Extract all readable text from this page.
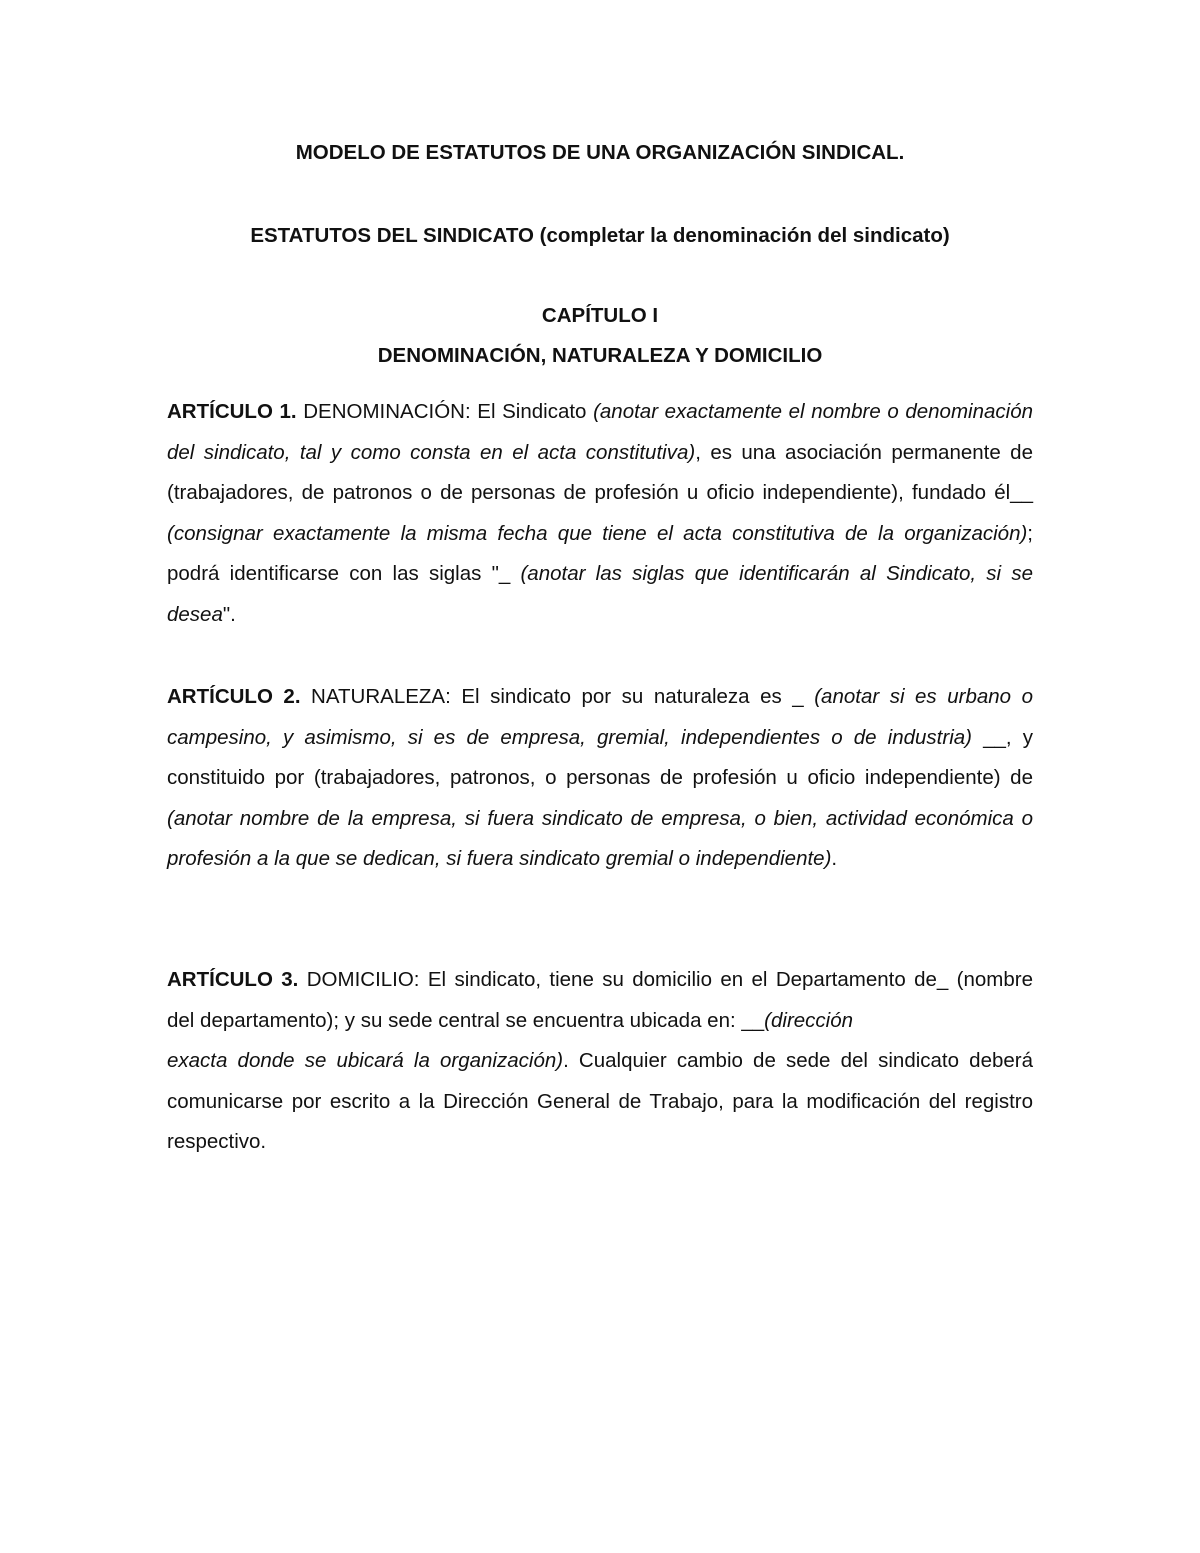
MODELO DE ESTATUTOS DE UNA ORGANIZACIÓN SINDICAL.

ESTATUTOS DEL SINDICATO (completar la denominación del sindicato)

CAPÍTULO I

DENOMINACIÓN, NATURALEZA Y DOMICILIO

ARTÍCULO 1. DENOMINACIÓN: El Sindicato (anotar exactamente el nombre o denominación del sindicato, tal y como consta en el acta constitutiva), es una asociación permanente de (trabajadores, de patronos o de personas de profesión u oficio independiente), fundado él__ (consignar exactamente la misma fecha que tiene el acta constitutiva de la organización); podrá identificarse con las siglas "_ (anotar las siglas que identificarán al Sindicato, si se desea".

ARTÍCULO 2. NATURALEZA: El sindicato por su naturaleza es _ (anotar si es urbano o campesino, y asimismo, si es de empresa, gremial, independientes o de industria) __, y constituido por (trabajadores, patronos, o personas de profesión u oficio independiente) de (anotar nombre de la empresa, si fuera sindicato de empresa, o bien, actividad económica o profesión a la que se dedican, si fuera sindicato gremial o independiente).

ARTÍCULO 3. DOMICILIO: El sindicato, tiene su domicilio en el Departamento de_ (nombre del departamento); y su sede central se encuentra ubicada en: __(dirección
exacta donde se ubicará la organización). Cualquier cambio de sede del sindicato deberá comunicarse por escrito a la Dirección General de Trabajo, para la modificación del registro respectivo.
